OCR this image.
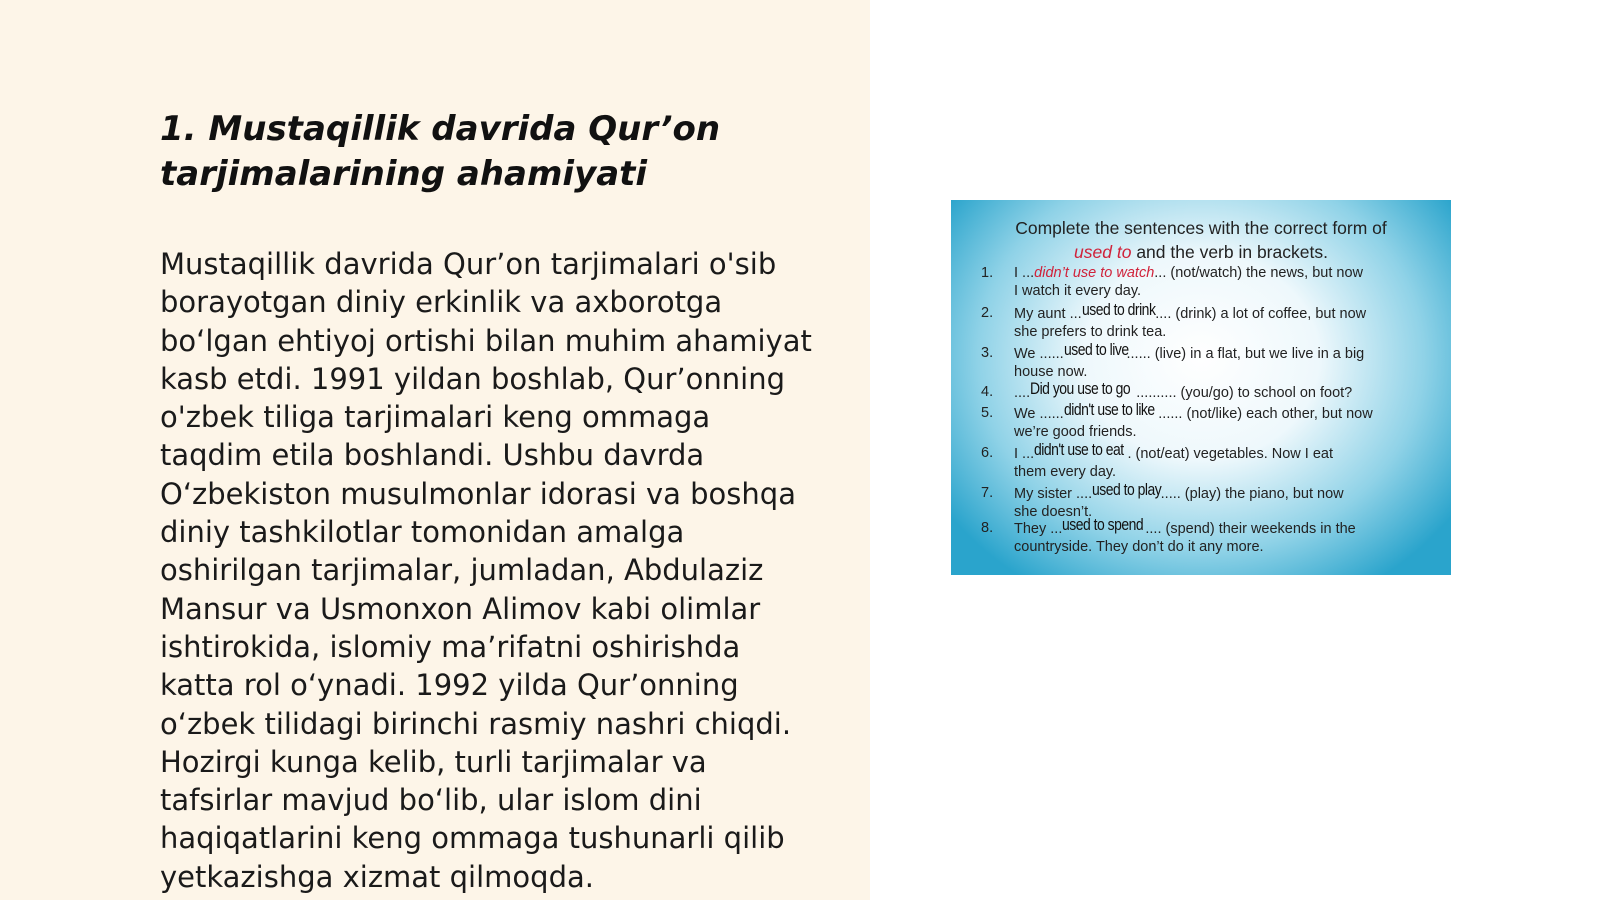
1. Mustaqillik davrida Qur’on
tarjimalarining ahamiyati
Mustaqillik davrida Qur’on tarjimalari o'sib
borayotgan diniy erkinlik va axborotga
bo‘lgan ehtiyoj ortishi bilan muhim ahamiyat
kasb etdi. 1991 yildan boshlab, Qur’onning
o'zbek tiliga tarjimalari keng ommaga
taqdim etila boshlandi. Ushbu davrda
O‘zbekiston musulmonlar idorasi va boshqa
diniy tashkilotlar tomonidan amalga
oshirilgan tarjimalar, jumladan, Abdulaziz
Mansur va Usmonxon Alimov kabi olimlar
ishtirokida, islomiy ma’rifatni oshirishda
katta rol o‘ynadi. 1992 yilda Qur’onning
o‘zbek tilidagi birinchi rasmiy nashri chiqdi.
Hozirgi kunga kelib, turli tarjimalar va
tafsirlar mavjud bo‘lib, ular islom dini
haqiqatlarini keng ommaga tushunarli qilib
yetkazishga xizmat qilmoqda.
Complete the sentences with the correct form of
used to and the verb in brackets.
1. I ...didn’t use to watch... (not/watch) the news, but now
I watch it every day.
2. My aunt ...used to drink.... (drink) a lot of coffee, but now
she prefers to drink tea.
3. We ......used to live...... (live) in a flat, but we live in a big
house now.
4. ....Did you use to go .......... (you/go) to school on foot?
5. We ......didn't use to like ...... (not/like) each other, but now
we’re good friends.
6. I ...didn't use to eat . (not/eat) vegetables. Now I eat
them every day.
7. My sister ....used to play..... (play) the piano, but now
she doesn’t.
8. They ...used to spend .... (spend) their weekends in the
countryside. They don’t do it any more.
